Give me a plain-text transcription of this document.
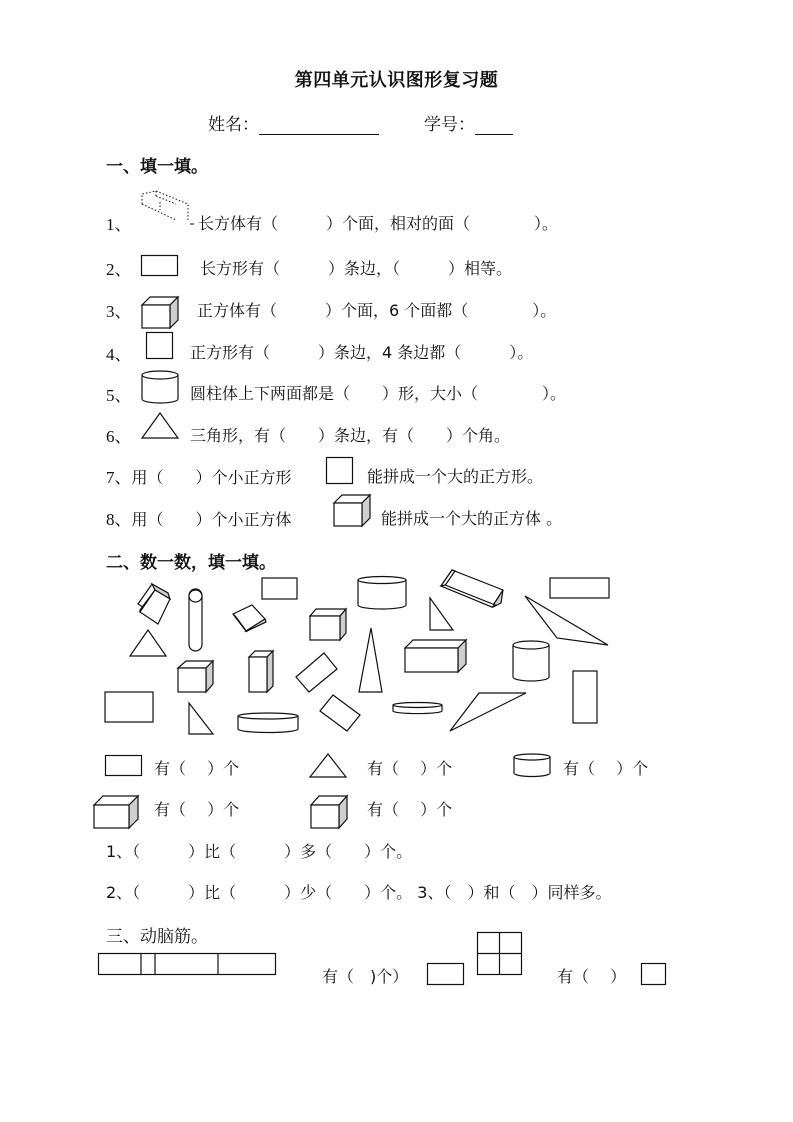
第四单元认识图形复习题
姓名：	学号：
一、填一填。
1、	长方体有（　　　）个面，相对的面（　　　　）。
2、	长方形有（　　　）条边，（　　　）相等。
3、	正方体有（　　　）个面，6 个面都（　　　　）。
4、	正方形有（　　　）条边，4 条边都（　　　）。
5、	圆柱体上下两面都是（　　）形，大小（　　　　）。
6、	三角形，有（　　）条边，有（　　）个角。
7、用（　　）个小正方形	能拼成一个大的正方形。
8、用（　　）个小正方体	能拼成一个大的正方体 。
二、数一数，填一填。
有（　 ）个	有（　 ）个	有（　 ）个
有（　 ）个	有（　 ）个
1、（　　　）比（　　　）多（　　）个。
2、（　　　）比（　　　）少（　　）个。 3、（　）和（　）同样多。
三、动脑筋。
有（　)个）	有（　 ）
